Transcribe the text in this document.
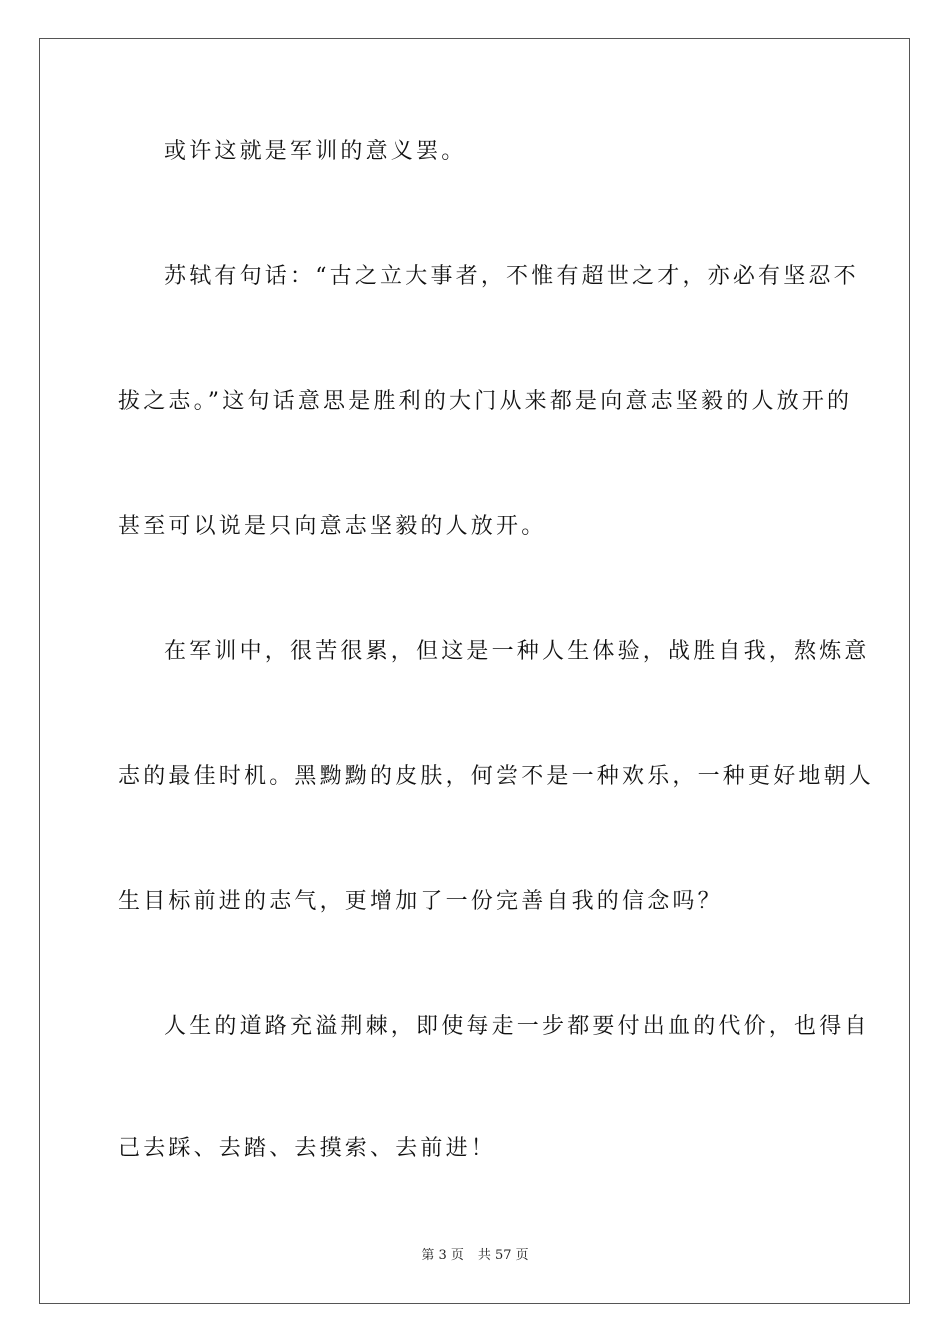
或许这就是军训的意义罢。
苏轼有句话：“古之立大事者，不惟有超世之才，亦必有坚忍不
拔之志。”这句话意思是胜利的大门从来都是向意志坚毅的人放开的
甚至可以说是只向意志坚毅的人放开。
在军训中，很苦很累，但这是一种人生体验，战胜自我，熬炼意
志的最佳时机。黑黝黝的皮肤，何尝不是一种欢乐，一种更好地朝人
生目标前进的志气，更增加了一份完善自我的信念吗？
人生的道路充溢荆棘，即使每走一步都要付出血的代价，也得自
己去踩、去踏、去摸索、去前进！
第 3 页 共 57 页
